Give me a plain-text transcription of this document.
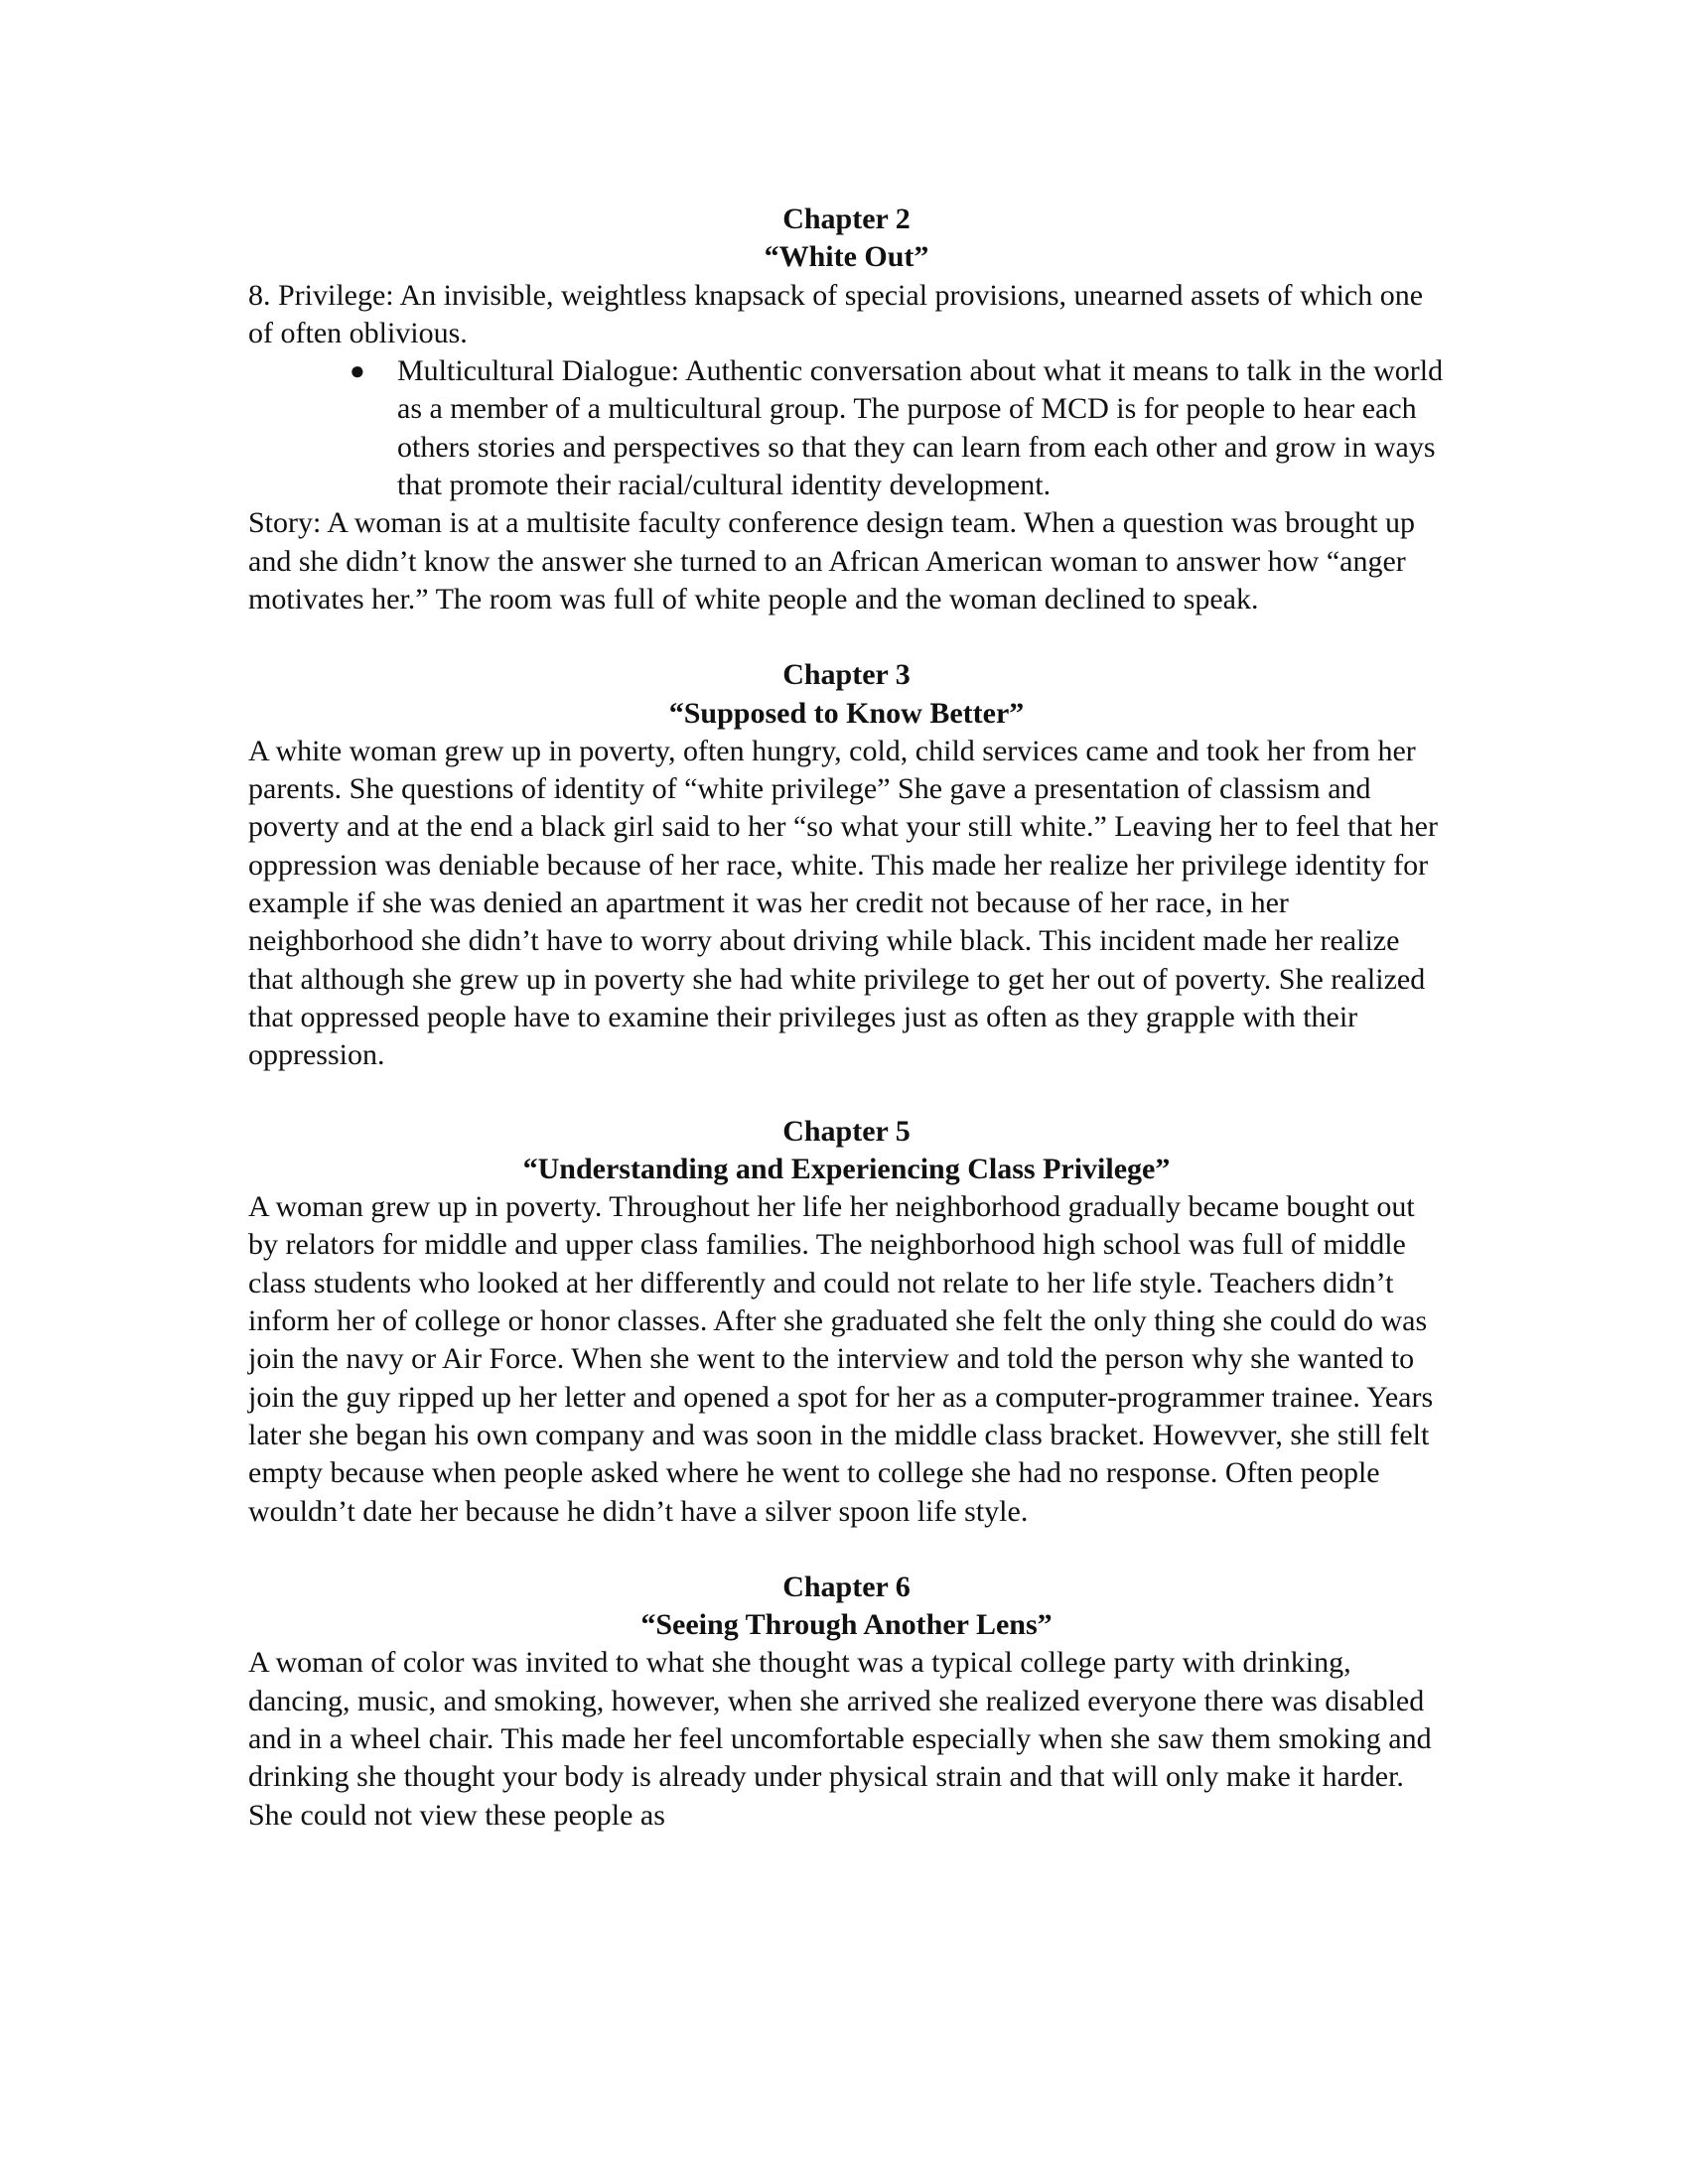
Chapter 2

“White Out”

8. Privilege: An invisible, weightless knapsack of special provisions, unearned assets of which one of often oblivious.

● Multicultural Dialogue: Authentic conversation about what it means to talk in the world as a member of a multicultural group. The purpose of MCD is for people to hear each others stories and perspectives so that they can learn from each other and grow in ways that promote their racial/cultural identity development.

Story: A woman is at a multisite faculty conference design team. When a question was brought up and she didn’t know the answer she turned to an African American woman to answer how “anger motivates her.” The room was full of white people and the woman declined to speak.

Chapter 3

“Supposed to Know Better”

A white woman grew up in poverty, often hungry, cold, child services came and took her from her parents. She questions of identity of “white privilege” She gave a presentation of classism and poverty and at the end a black girl said to her “so what your still white.” Leaving her to feel that her oppression was deniable because of her race, white. This made her realize her privilege identity for example if she was denied an apartment it was her credit not because of her race, in her neighborhood she didn’t have to worry about driving while black. This incident made her realize that although she grew up in poverty she had white privilege to get her out of poverty. She realized that oppressed people have to examine their privileges just as often as they grapple with their oppression.

Chapter 5

“Understanding and Experiencing Class Privilege”

A woman grew up in poverty. Throughout her life her neighborhood gradually became bought out by relators for middle and upper class families. The neighborhood high school was full of middle class students who looked at her differently and could not relate to her life style. Teachers didn’t inform her of college or honor classes. After she graduated she felt the only thing she could do was join the navy or Air Force. When she went to the interview and told the person why she wanted to join the guy ripped up her letter and opened a spot for her as a computer-programmer trainee. Years later she began his own company and was soon in the middle class bracket. Howevver, she still felt empty because when people asked where he went to college she had no response. Often people wouldn’t date her because he didn’t have a silver spoon life style.

Chapter 6

“Seeing Through Another Lens”

A woman of color was invited to what she thought was a typical college party with drinking, dancing, music, and smoking, however, when she arrived she realized everyone there was disabled and in a wheel chair. This made her feel uncomfortable especially when she saw them smoking and drinking she thought your body is already under physical strain and that will only make it harder. She could not view these people as
